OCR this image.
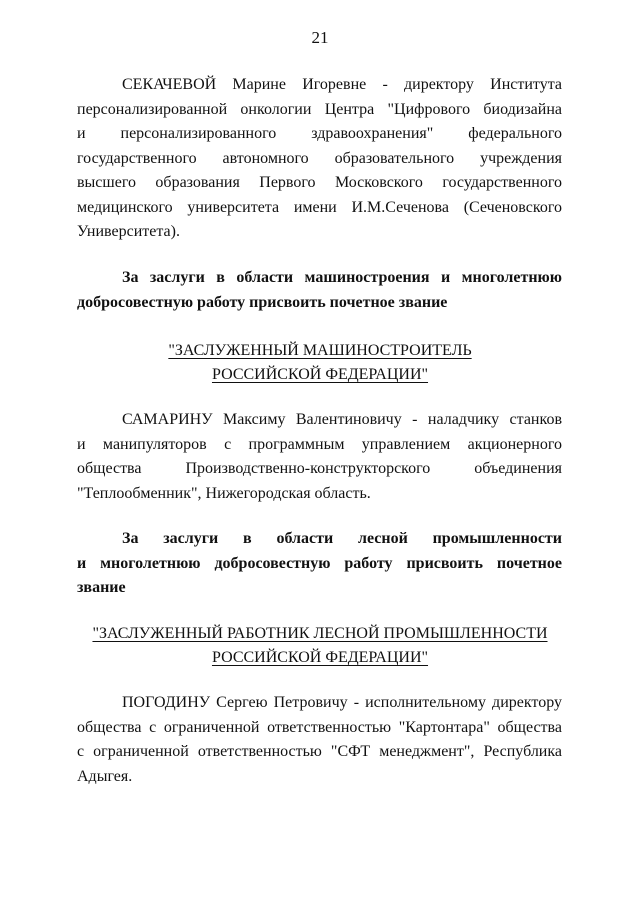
21
СЕКАЧЕВОЙ Марине Игоревне - директору Института
персонализированной онкологии Центра "Цифрового биодизайна
и персонализированного здравоохранения" федерального
государственного автономного образовательного учреждения
высшего образования Первого Московского государственного
медицинского университета имени И.М.Сеченова (Сеченовского
Университета).
За заслуги в области машиностроения и многолетнюю
добросовестную работу присвоить почетное звание
"ЗАСЛУЖЕННЫЙ МАШИНОСТРОИТЕЛЬ
РОССИЙСКОЙ ФЕДЕРАЦИИ"
САМАРИНУ Максиму Валентиновичу - наладчику станков
и манипуляторов с программным управлением акционерного
общества Производственно-конструкторского объединения
"Теплообменник", Нижегородская область.
За заслуги в области лесной промышленности
и многолетнюю добросовестную работу присвоить почетное
звание
"ЗАСЛУЖЕННЫЙ РАБОТНИК ЛЕСНОЙ ПРОМЫШЛЕННОСТИ
РОССИЙСКОЙ ФЕДЕРАЦИИ"
ПОГОДИНУ Сергею Петровичу - исполнительному директору
общества с ограниченной ответственностью "Картонтара" общества
с ограниченной ответственностью "СФТ менеджмент", Республика
Адыгея.
